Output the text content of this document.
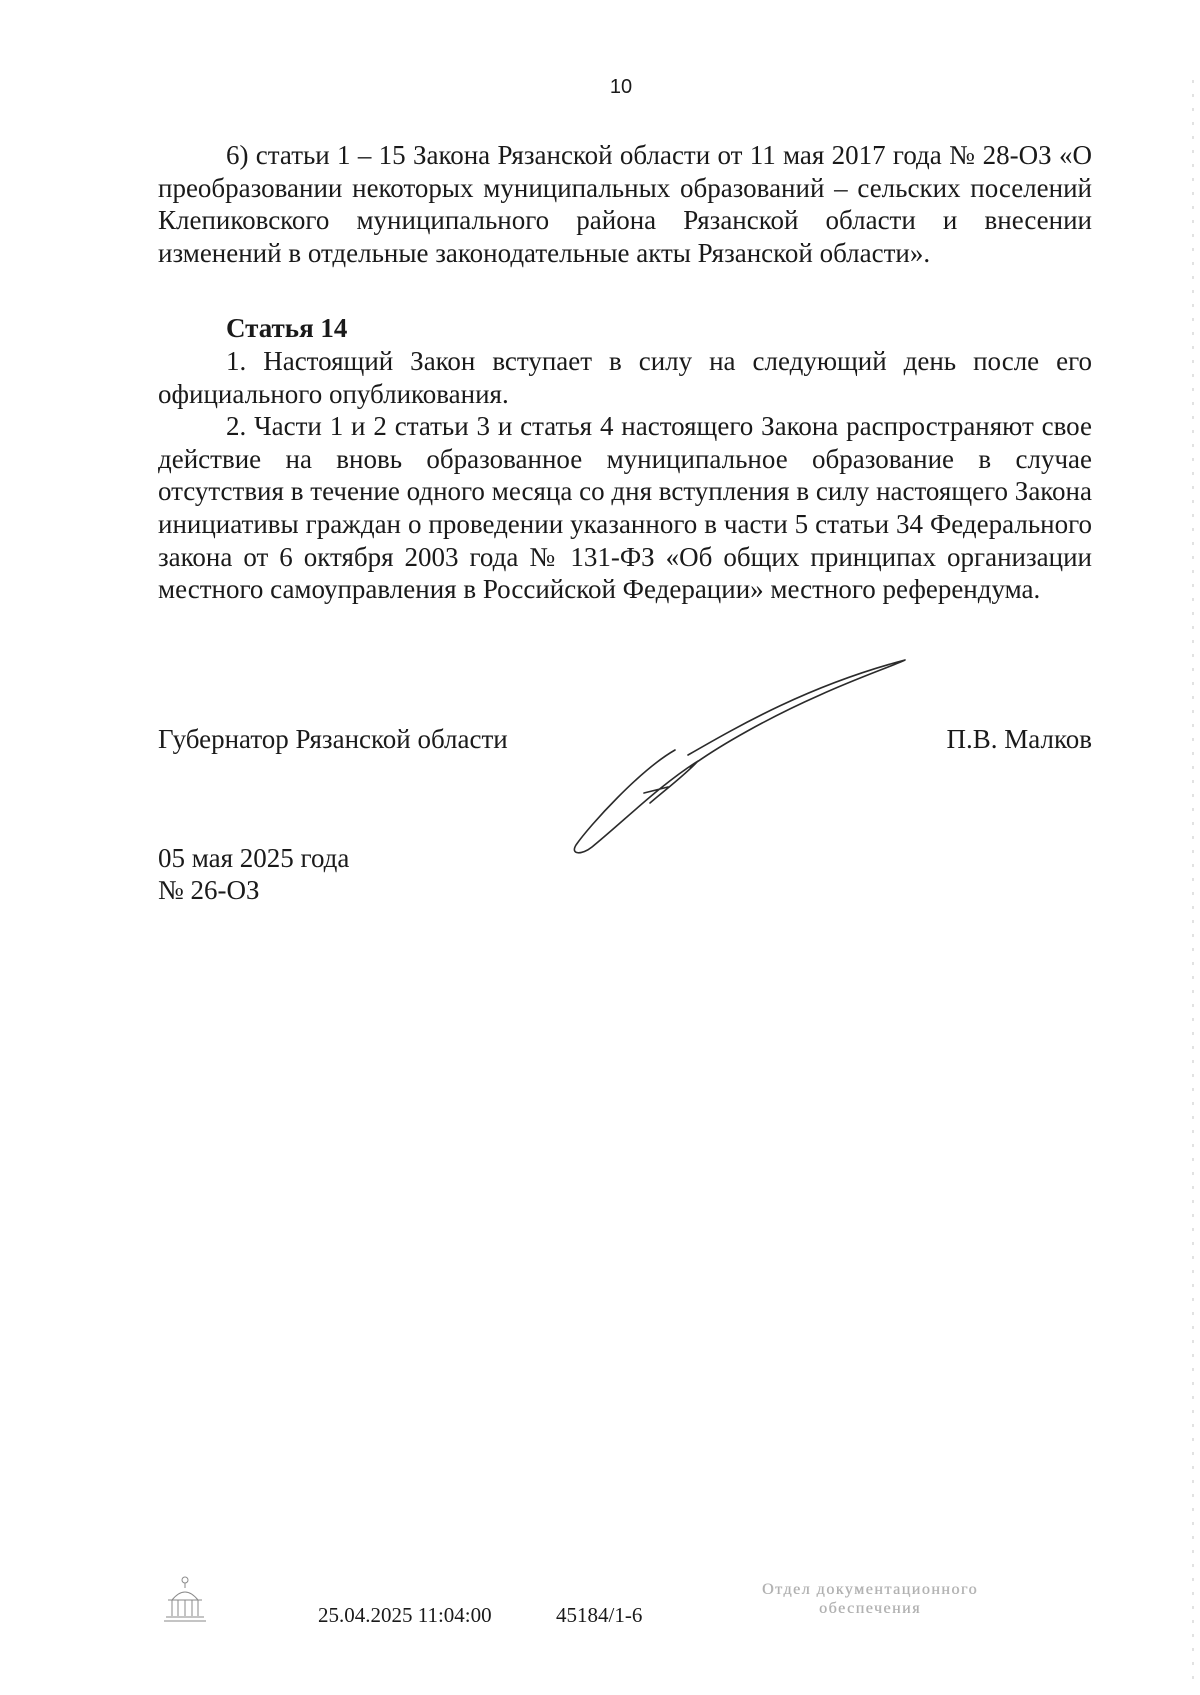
10

6) статьи 1 – 15 Закона Рязанской области от 11 мая 2017 года № 28-ОЗ «О преобразовании некоторых муниципальных образований – сельских поселений Клепиковского муниципального района Рязанской области и внесении изменений в отдельные законодательные акты Рязанской области».

Статья 14

1. Настоящий Закон вступает в силу на следующий день после его официального опубликования.

2. Части 1 и 2 статьи 3 и статья 4 настоящего Закона распространяют свое действие на вновь образованное муниципальное образование в случае отсутствия в течение одного месяца со дня вступления в силу настоящего Закона инициативы граждан о проведении указанного в части 5 статьи 34 Федерального закона от 6 октября 2003 года № 131-ФЗ «Об общих принципах организации местного самоуправления в Российской Федерации» местного референдума.

Губернатор Рязанской области	П.В. Малков
05 мая 2025 года
№ 26-ОЗ
25.04.2025 11:04:00	45184/1-6
Отдел документационного
обеспечения
